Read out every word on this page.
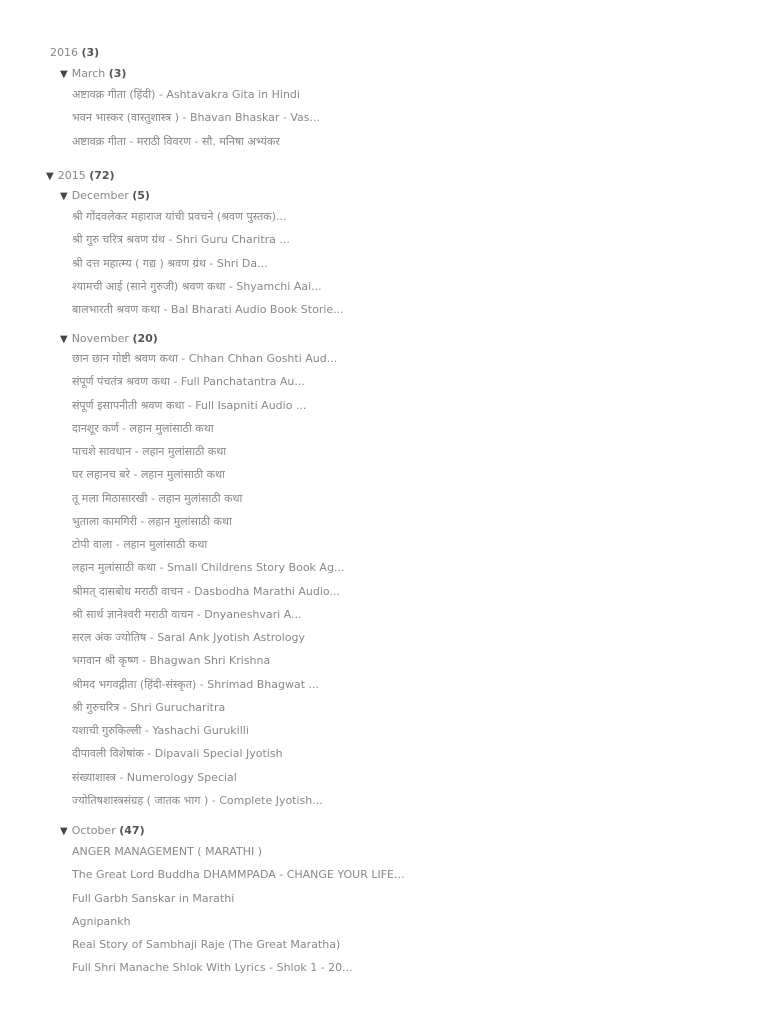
2016 (3)
▼ March (3)
अष्टावक्र गीता (हिंदी) - Ashtavakra Gita in Hindi
भवन भास्कर (वास्तुशास्त्र ) - Bhavan Bhaskar - Vas...
अष्टावक्र गीता - मराठी विवरण - सौ. मनिषा अभ्यंकर
▼ 2015 (72)
▼ December (5)
श्री गोंदवलेकर महाराज यांची प्रवचने (श्रवण पुस्तक)...
श्री गुरु चरित्र श्रवण ग्रंथ - Shri Guru Charitra ...
श्री दत्त महात्म्य ( गद्य ) श्रवण ग्रंथ - Shri Da...
श्यामची आई (साने गुरुजी) श्रवण कथा - Shyamchi Aai...
बालभारती श्रवण कथा - Bal Bharati Audio Book Storie...
▼ November (20)
छान छान गोष्टी श्रवण कथा - Chhan Chhan Goshti Aud...
संपूर्ण पंचतंत्र श्रवण कथा - Full Panchatantra Au...
संपूर्ण इसापनीती श्रवण कथा - Full Isapniti Audio ...
दानशूर कर्ण - लहान मुलांसाठी कथा
पाचशे सावधान - लहान मुलांसाठी कथा
घर लहानच बरे - लहान मुलांसाठी कथा
तू मला मिठासारखी - लहान मुलांसाठी कथा
भुताला कामगिरी - लहान मुलांसाठी कथा
टोपी वाला - लहान मुलांसाठी कथा
लहान मुलांसाठी कथा - Small Childrens Story Book Ag...
श्रीमत् दासबोध मराठी वाचन - Dasbodha Marathi Audio...
श्री सार्थ ज्ञानेश्वरी मराठी वाचन - Dnyaneshvari A...
सरल अंक ज्योतिष - Saral Ank Jyotish Astrology
भगवान श्री कृष्ण - Bhagwan Shri Krishna
श्रीमद भगवद्गीता (हिंदी-संस्कृत) - Shrimad Bhagwat ...
श्री गुरुचरित्र - Shri Gurucharitra
यशाची गुरुकिल्ली - Yashachi Gurukilli
दीपावली विशेषांक - Dipavali Special Jyotish
संख्याशास्त्र - Numerology Special
ज्योतिषशास्त्रसंग्रह ( जातक भाग ) - Complete Jyotish...
▼ October (47)
ANGER MANAGEMENT ( MARATHI )
The Great Lord Buddha DHAMMPADA - CHANGE YOUR LIFE...
Full Garbh Sanskar in Marathi
Agnipankh
Real Story of Sambhaji Raje (The Great Maratha)
Full Shri Manache Shlok With Lyrics - Shlok 1 - 20...
